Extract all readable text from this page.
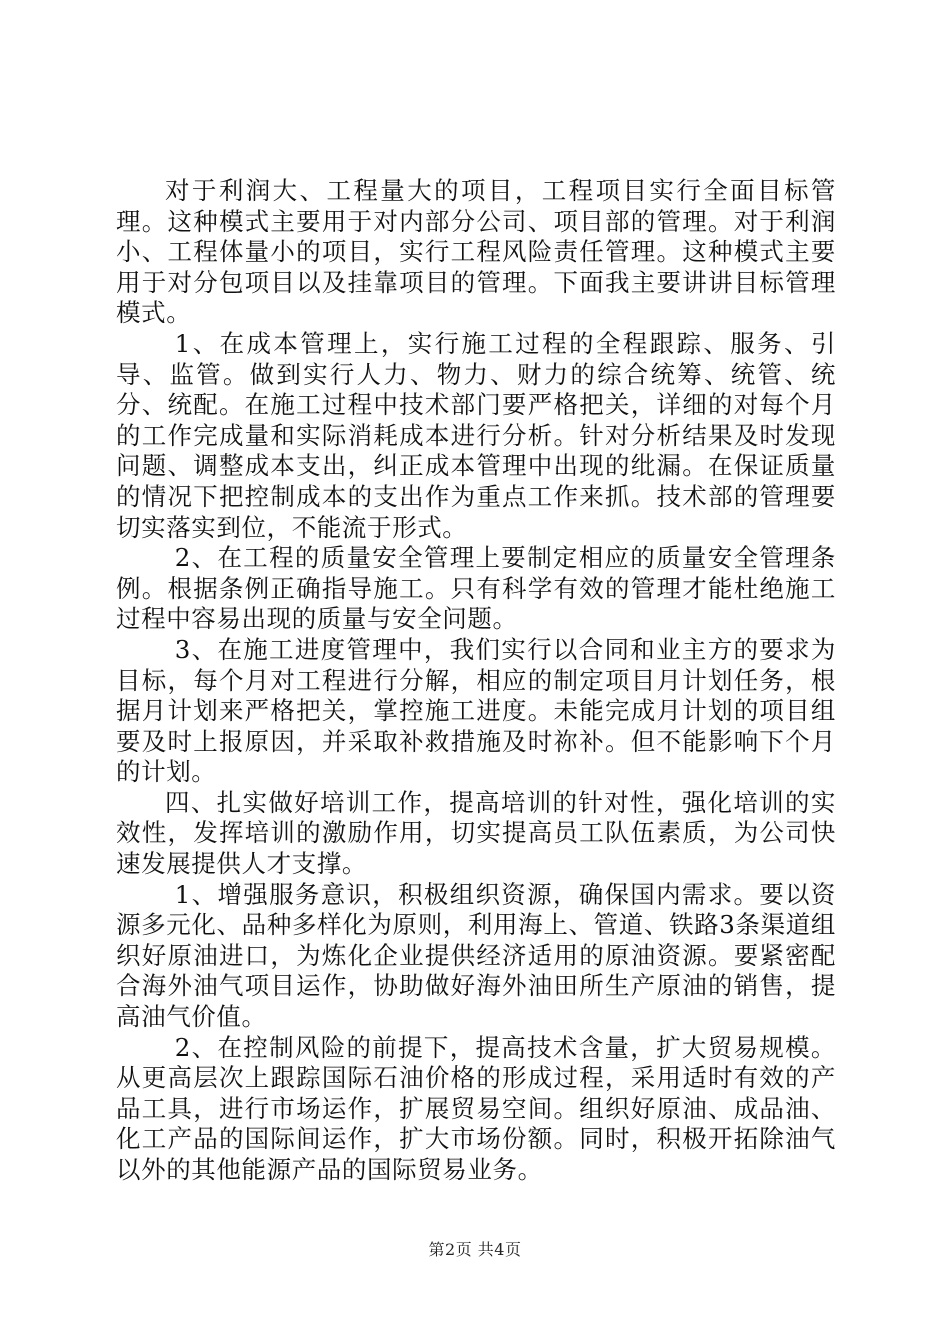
对于利润大、工程量大的项目，工程项目实行全面目标管理。这种模式主要用于对内部分公司、项目部的管理。对于利润小、工程体量小的项目，实行工程风险责任管理。这种模式主要用于对分包项目以及挂靠项目的管理。下面我主要讲讲目标管理模式。

1、在成本管理上，实行施工过程的全程跟踪、服务、引导、监管。做到实行人力、物力、财力的综合统筹、统管、统分、统配。在施工过程中技术部门要严格把关，详细的对每个月的工作完成量和实际消耗成本进行分析。针对分析结果及时发现问题、调整成本支出，纠正成本管理中出现的纰漏。在保证质量的情况下把控制成本的支出作为重点工作来抓。技术部的管理要切实落实到位，不能流于形式。

2、在工程的质量安全管理上要制定相应的质量安全管理条例。根据条例正确指导施工。只有科学有效的管理才能杜绝施工过程中容易出现的质量与安全问题。

3、在施工进度管理中，我们实行以合同和业主方的要求为目标，每个月对工程进行分解，相应的制定项目月计划任务，根据月计划来严格把关，掌控施工进度。未能完成月计划的项目组要及时上报原因，并采取补救措施及时祢补。但不能影响下个月的计划。

四、扎实做好培训工作，提高培训的针对性，强化培训的实效性，发挥培训的激励作用，切实提高员工队伍素质，为公司快速发展提供人才支撑。

1、增强服务意识，积极组织资源，确保国内需求。要以资源多元化、品种多样化为原则，利用海上、管道、铁路3条渠道组织好原油进口，为炼化企业提供经济适用的原油资源。要紧密配合海外油气项目运作，协助做好海外油田所生产原油的销售，提高油气价值。

2、在控制风险的前提下，提高技术含量，扩大贸易规模。从更高层次上跟踪国际石油价格的形成过程，采用适时有效的产品工具，进行市场运作，扩展贸易空间。组织好原油、成品油、化工产品的国际间运作，扩大市场份额。同时，积极开拓除油气以外的其他能源产品的国际贸易业务。

第2页 共4页
